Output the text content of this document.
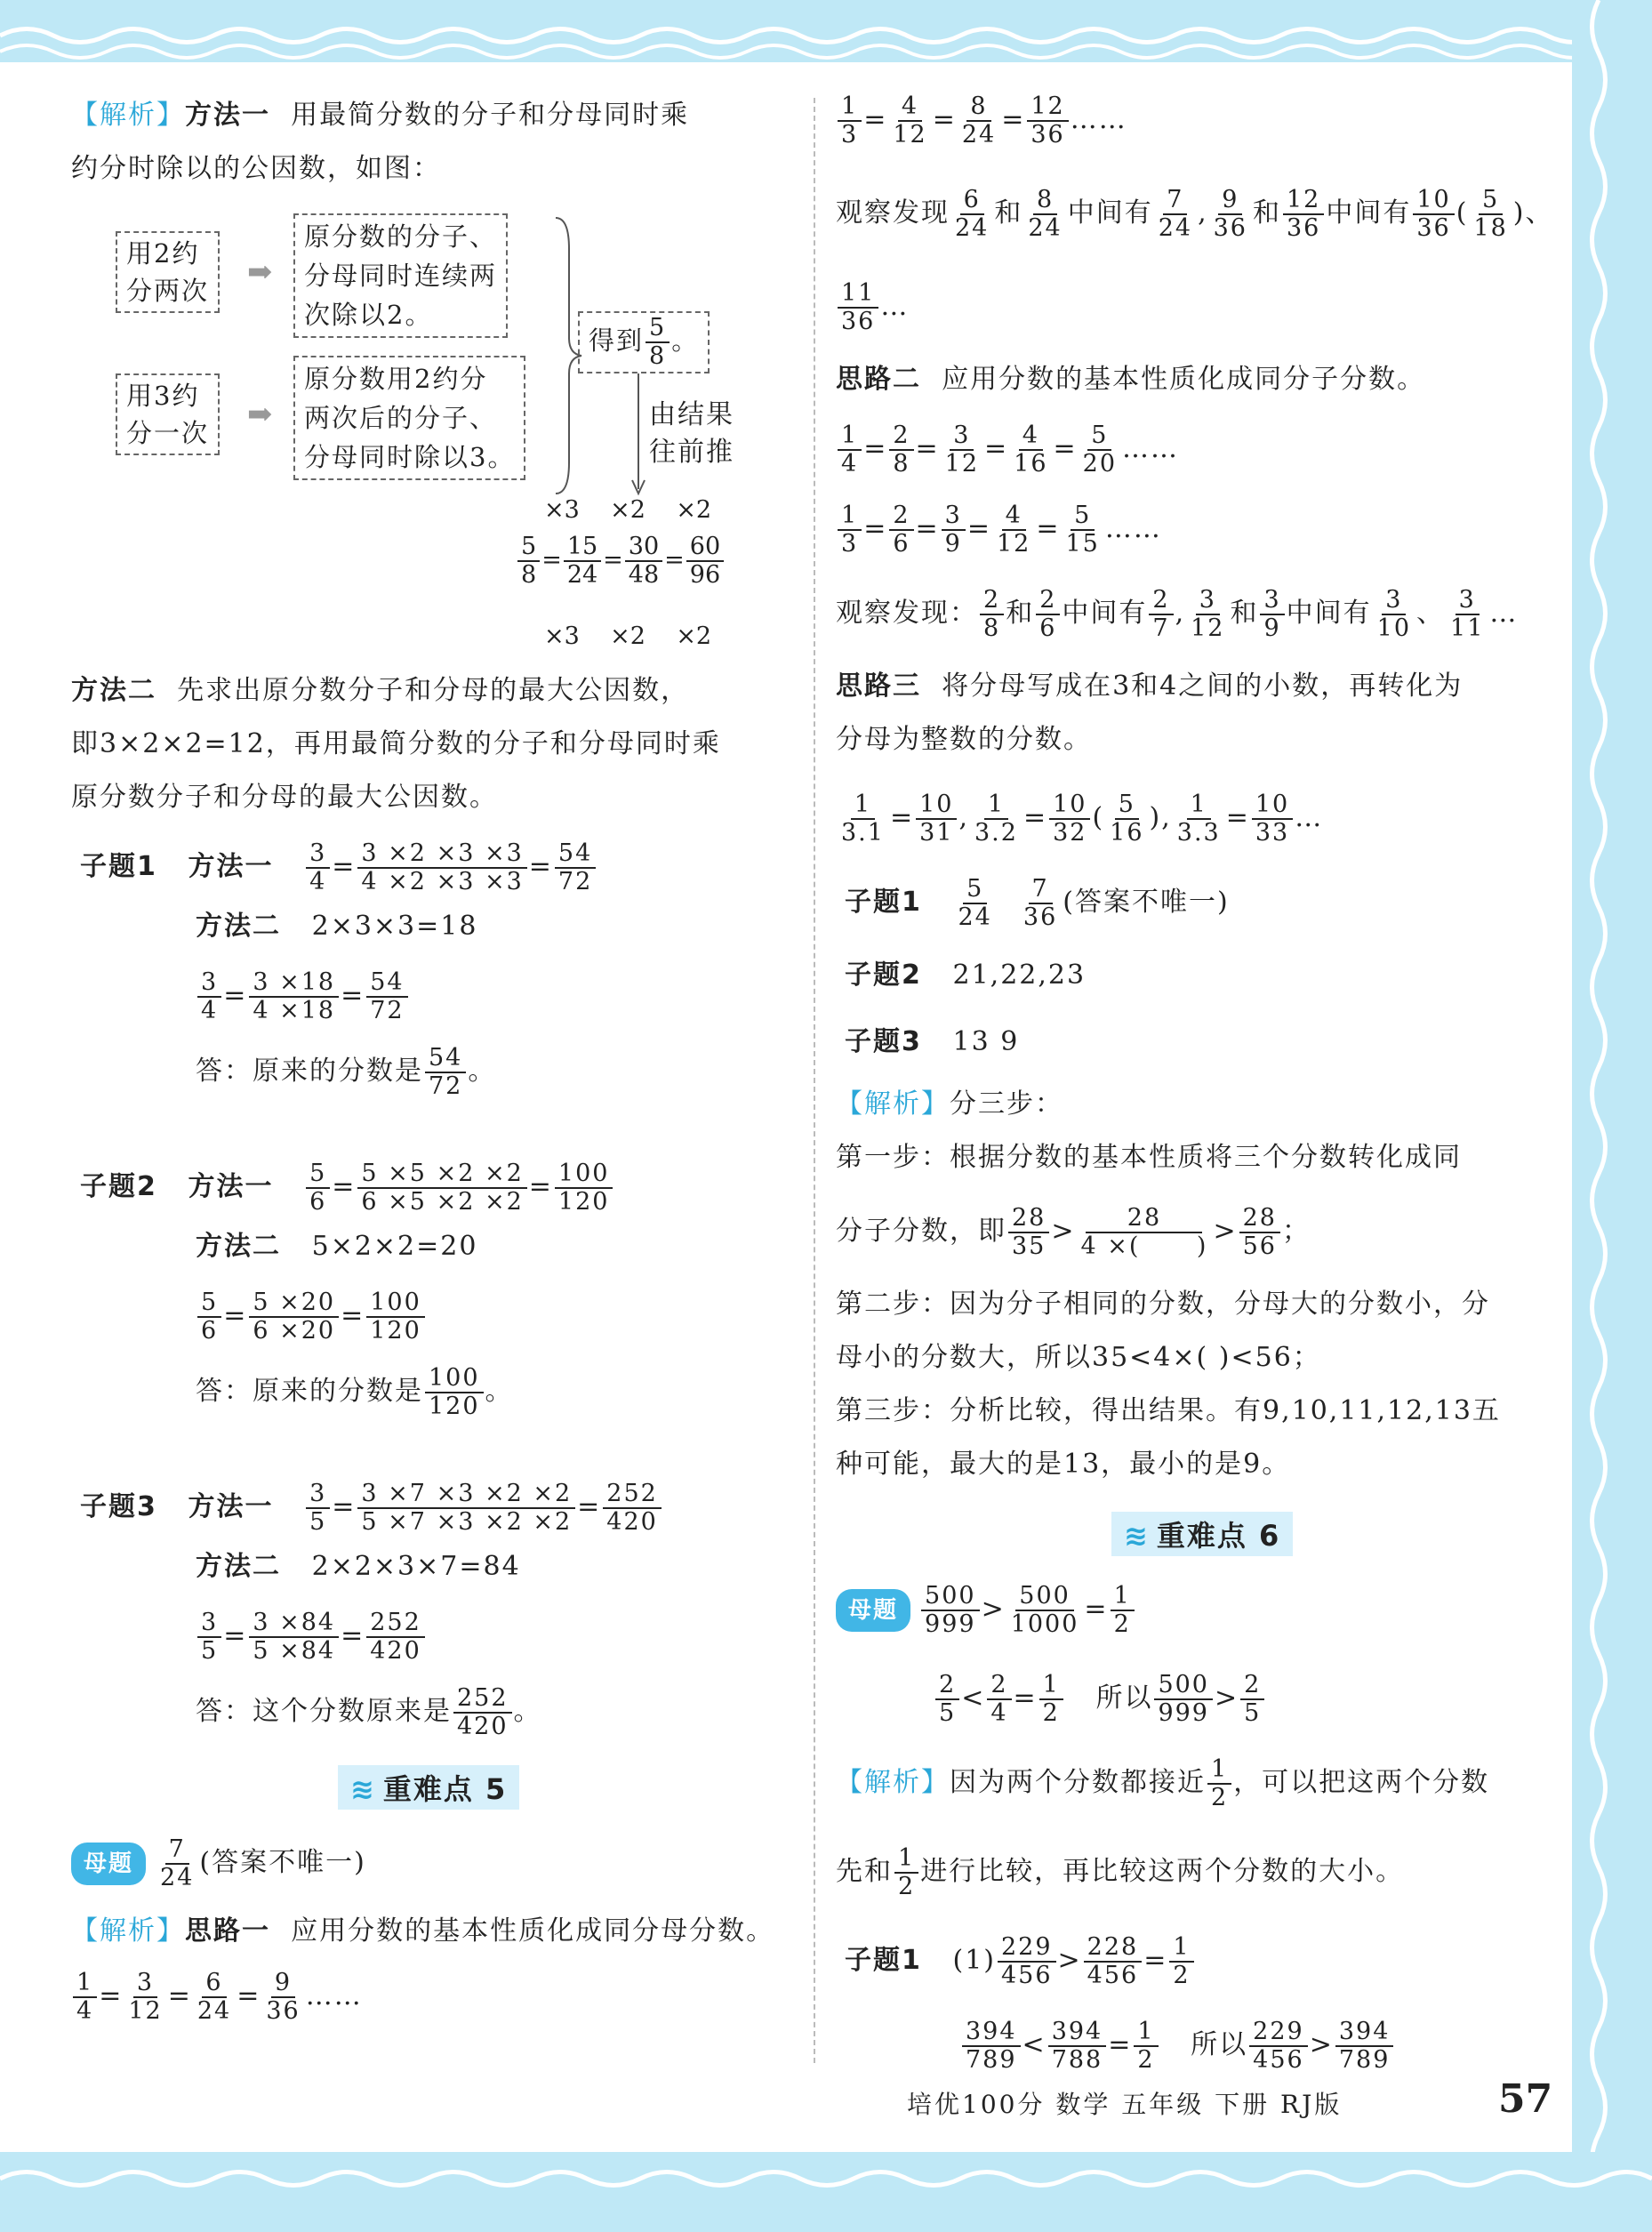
【解析】方法一 用最简分数的分子和分母同时乘
约分时除以的公因数，如图：
用2约
分两次
➡
原分数的分子、
分母同时连续两
次除以2。
用3约
分一次
➡
原分数用2约分
两次后的分子、
分母同时除以3。
得到 $\frac{5}{8}$ 。
由结果
往前推
×3 ×2 ×2
$\frac{5}{8} = \frac{15}{24} = \frac{30}{48} = \frac{60}{96}$
×3 ×2 ×2
方法二 先求出原分数分子和分母的最大公因数，
即3×2×2=12，再用最简分数的分子和分母同时乘
原分数分子和分母的最大公因数。
子题1 方法一 $\frac{3}{4} = \frac{3 \times 2 \times 3 \times 3}{4 \times 2 \times 3 \times 3} = \frac{54}{72}$
方法二 2×3×3=18
$\frac{3}{4} = \frac{3 \times 18}{4 \times 18} = \frac{54}{72}$
答：原来的分数是 $\frac{54}{72}$ 。
子题2 方法一 $\frac{5}{6} = \frac{5 \times 5 \times 2 \times 2}{6 \times 5 \times 2 \times 2} = \frac{100}{120}$
方法二 5×2×2=20
$\frac{5}{6} = \frac{5 \times 20}{6 \times 20} = \frac{100}{120}$
答：原来的分数是 $\frac{100}{120}$ 。
子题3 方法一 $\frac{3}{5} = \frac{3 \times 7 \times 3 \times 2 \times 2}{5 \times 7 \times 3 \times 2 \times 2} = \frac{252}{420}$
方法二 2×2×3×7=84
$\frac{3}{5} = \frac{3 \times 84}{5 \times 84} = \frac{252}{420}$
答：这个分数原来是 $\frac{252}{420}$ 。
≋ 重难点 5
母题 $\frac{7}{24}$ (答案不唯一)
【解析】思路一 应用分数的基本性质化成同分母分数。
$\frac{1}{4} = \frac{3}{12} = \frac{6}{24} = \frac{9}{36}$ ……
$\frac{1}{3} = \frac{4}{12} = \frac{8}{24} = \frac{12}{36}$ ……
观察发现 $\frac{6}{24}$ 和 $\frac{8}{24}$ 中间有 $\frac{7}{24}$ , $\frac{9}{36}$ 和 $\frac{12}{36}$ 中间有 $\frac{10}{36}$ ( $\frac{5}{18}$ )、
$\frac{11}{36}$ …
思路二 应用分数的基本性质化成同分子分数。
$\frac{1}{4} = \frac{2}{8} = \frac{3}{12} = \frac{4}{16} = \frac{5}{20}$ ……
$\frac{1}{3} = \frac{2}{6} = \frac{3}{9} = \frac{4}{12} = \frac{5}{15}$ ……
观察发现： $\frac{2}{8}$ 和 $\frac{2}{6}$ 中间有 $\frac{2}{7}$ , $\frac{3}{12}$ 和 $\frac{3}{9}$ 中间有 $\frac{3}{10}$ 、 $\frac{3}{11}$ …
思路三 将分母写成在3和4之间的小数，再转化为
分母为整数的分数。
$\frac{1}{3.1} = \frac{10}{31}$ , $\frac{1}{3.2} = \frac{10}{32}$ ( $\frac{5}{16}$ ), $\frac{1}{3.3} = \frac{10}{33}$ …
子题$1 \frac{5}{24}$
$\frac{7}{36}$ (答案不唯一)
子题2 21,22,23
子题3 13 9
【解析】分三步：
第一步：根据分数的基本性质将三个分数转化成同
分子分数，即 $\frac{28}{35} > \frac{28}{4 \times( )} > \frac{28}{56}$ ；
第二步：因为分子相同的分数，分母大的分数小，分
母小的分数大，所以35<4×( )<56；
第三步：分析比较，得出结果。有9,10,11,12,13五
种可能，最大的是13，最小的是9。
≋ 重难点 6
母题 $\frac{500}{999} > \frac{500}{1000} = \frac{1}{2}$
$\frac{2}{5} < \frac{2}{4} = \frac{1}{2}$ 所以 $\frac{500}{999} > \frac{2}{5}$
【解析】因为两个分数都接近 $\frac{1}{2}$ ，可以把这两个分数
先和 $\frac{1}{2}$ 进行比较，再比较这两个分数的大小。
子题1 $(1) \frac{229}{456} > \frac{228}{456} = \frac{1}{2}$
$\frac{394}{789} < \frac{394}{788} = \frac{1}{2}$ 所以 $\frac{229}{456} > \frac{394}{789}$
培优100分 数学 五年级 下册 RJ版	57
